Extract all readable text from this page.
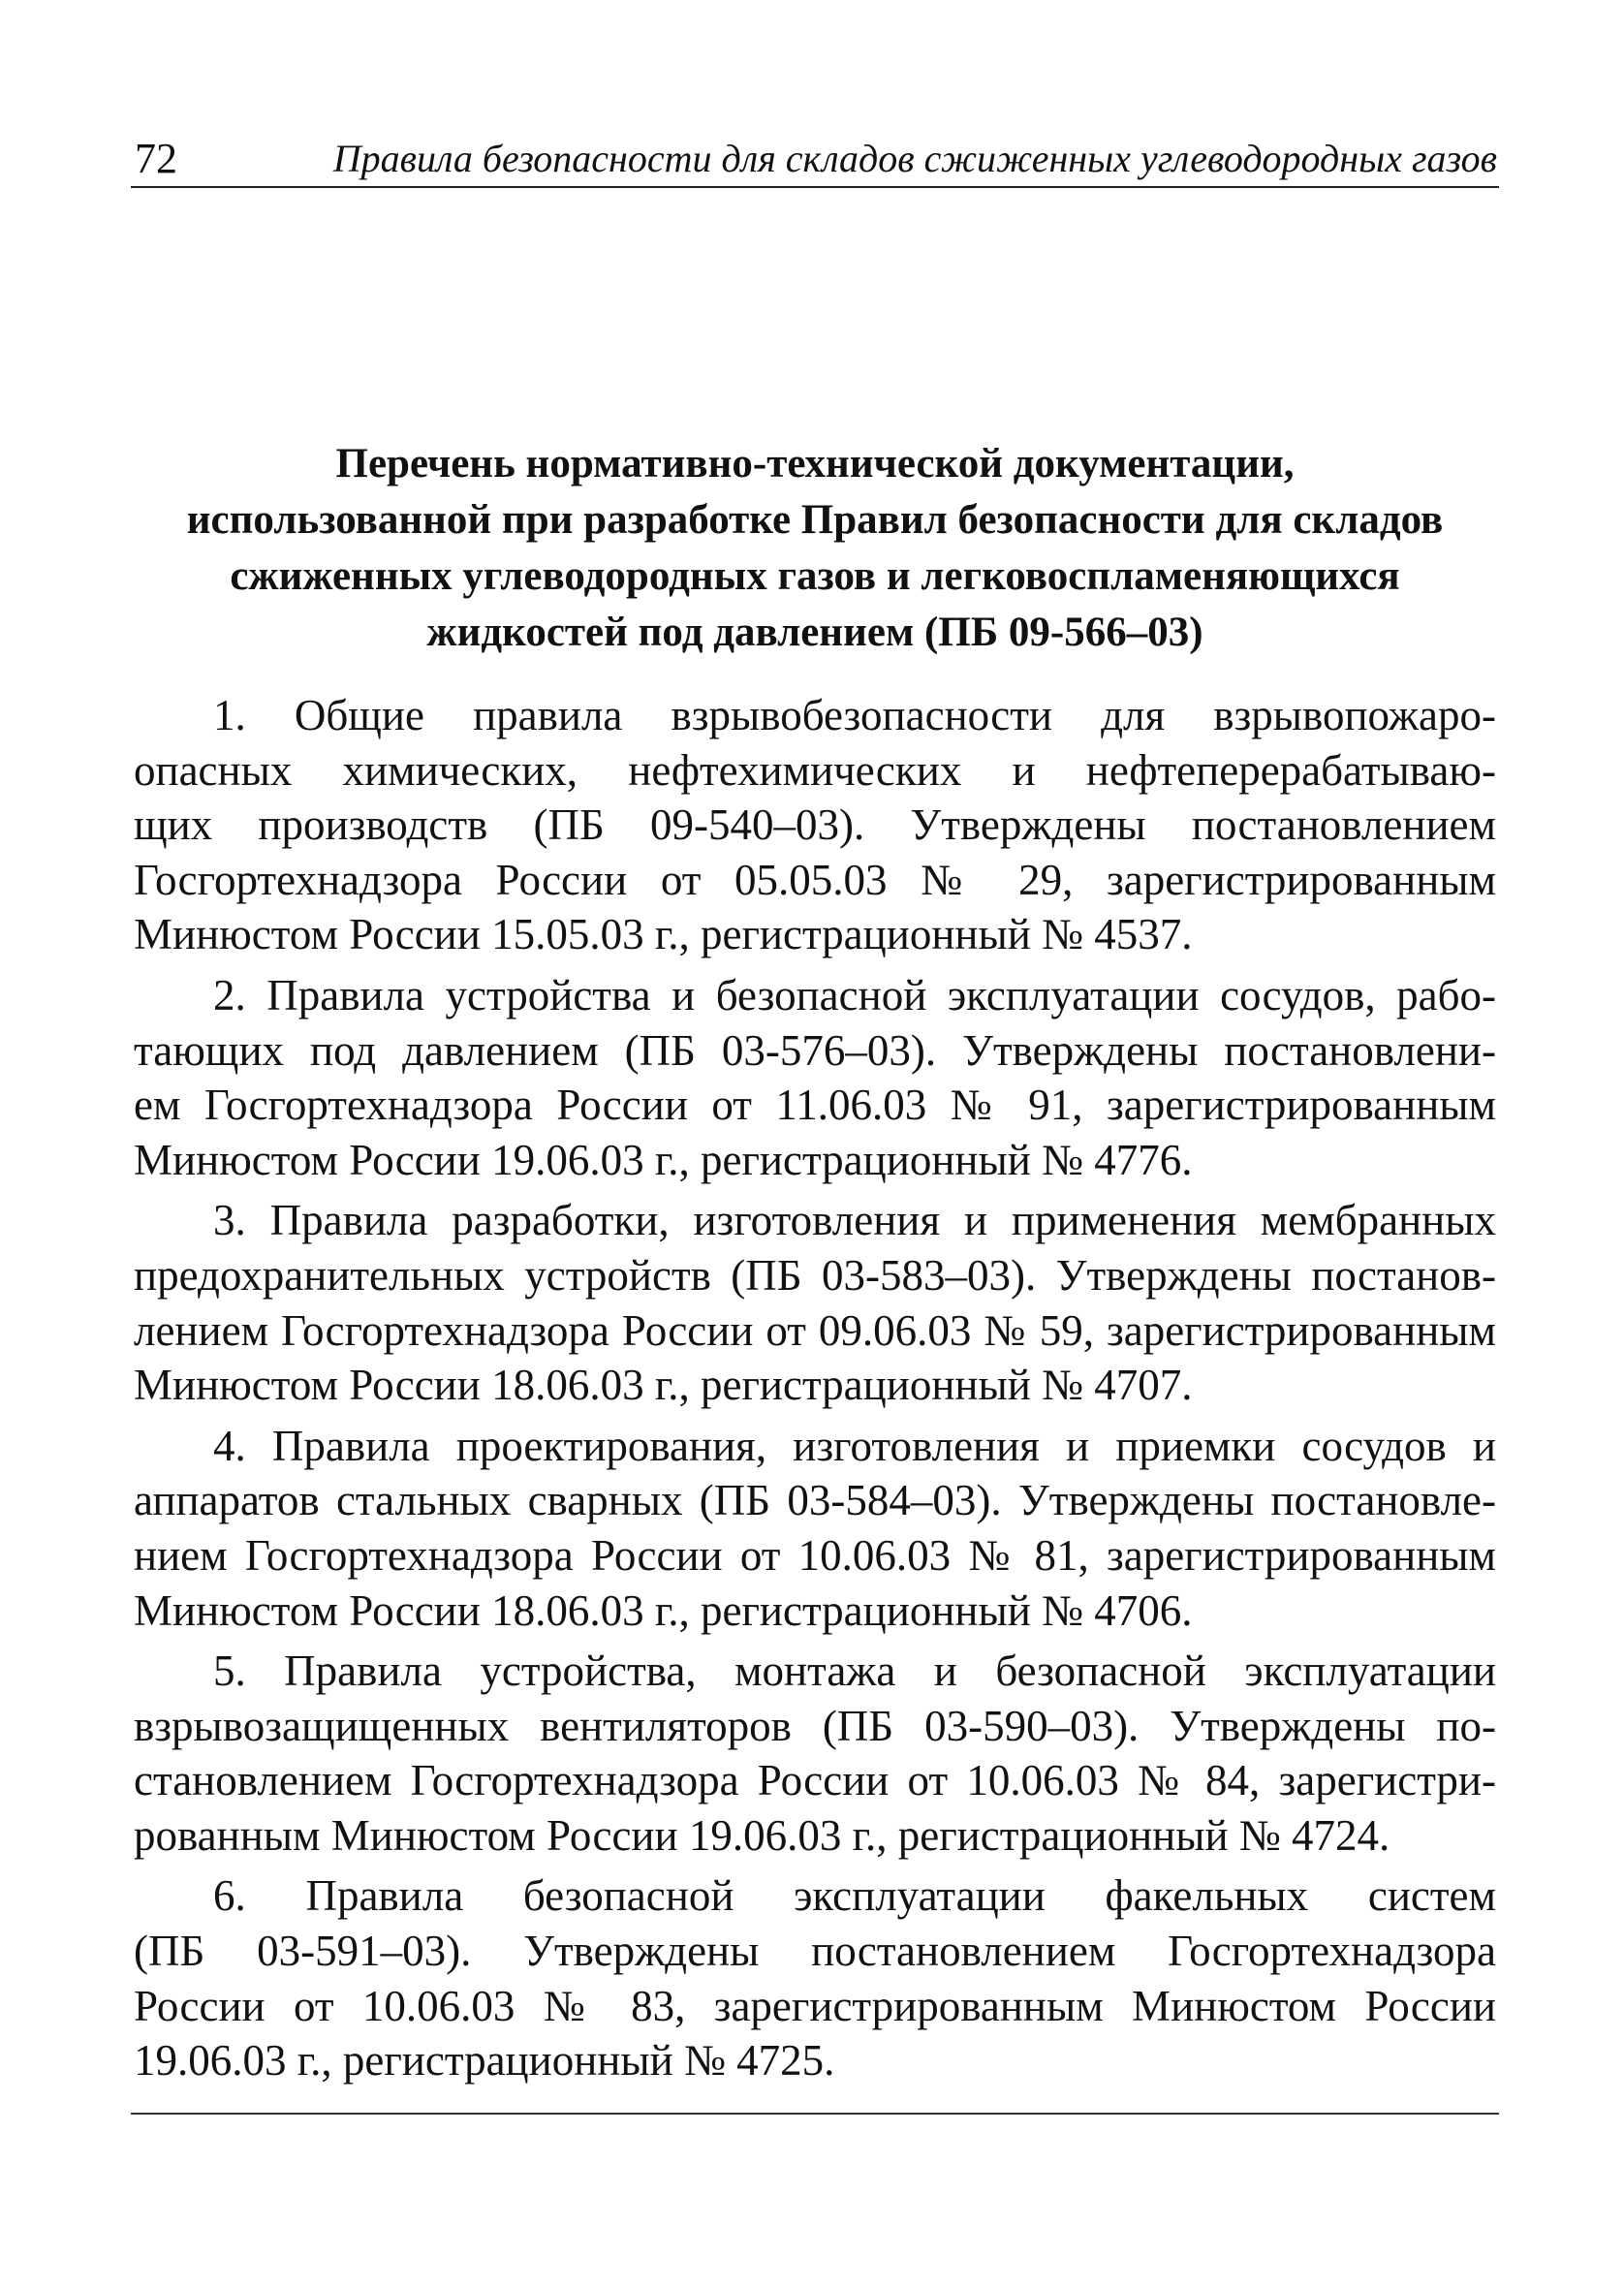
72	Правила безопасности для складов сжиженных углеводородных газов
Перечень нормативно-технической документации,
использованной при разработке Правил безопасности для складов
сжиженных углеводородных газов и легковоспламеняющихся
жидкостей под давлением (ПБ 09-566–03)
1. Общие правила взрывобезопасности для взрывопожаро-
опасных химических, нефтехимических и нефтеперерабатываю-
щих производств (ПБ 09-540–03). Утверждены постановлением
Госгортехнадзора России от 05.05.03 № 29, зарегистрированным
Минюстом России 15.05.03 г., регистрационный № 4537.
2. Правила устройства и безопасной эксплуатации сосудов, рабо-
тающих под давлением (ПБ 03-576–03). Утверждены постановлени-
ем Госгортехнадзора России от 11.06.03 № 91, зарегистрированным
Минюстом России 19.06.03 г., регистрационный № 4776.
3. Правила разработки, изготовления и применения мембранных
предохранительных устройств (ПБ 03-583–03). Утверждены постанов-
лением Госгортехнадзора России от 09.06.03 № 59, зарегистрированным
Минюстом России 18.06.03 г., регистрационный № 4707.
4. Правила проектирования, изготовления и приемки сосудов и
аппаратов стальных сварных (ПБ 03-584–03). Утверждены постановле-
нием Госгортехнадзора России от 10.06.03 № 81, зарегистрированным
Минюстом России 18.06.03 г., регистрационный № 4706.
5. Правила устройства, монтажа и безопасной эксплуатации
взрывозащищенных вентиляторов (ПБ 03-590–03). Утверждены по-
становлением Госгортехнадзора России от 10.06.03 № 84, зарегистри-
рованным Минюстом России 19.06.03 г., регистрационный № 4724.
6. Правила безопасной эксплуатации факельных систем
(ПБ 03-591–03). Утверждены постановлением Госгортехнадзора
России от 10.06.03 № 83, зарегистрированным Минюстом России
19.06.03 г., регистрационный № 4725.
